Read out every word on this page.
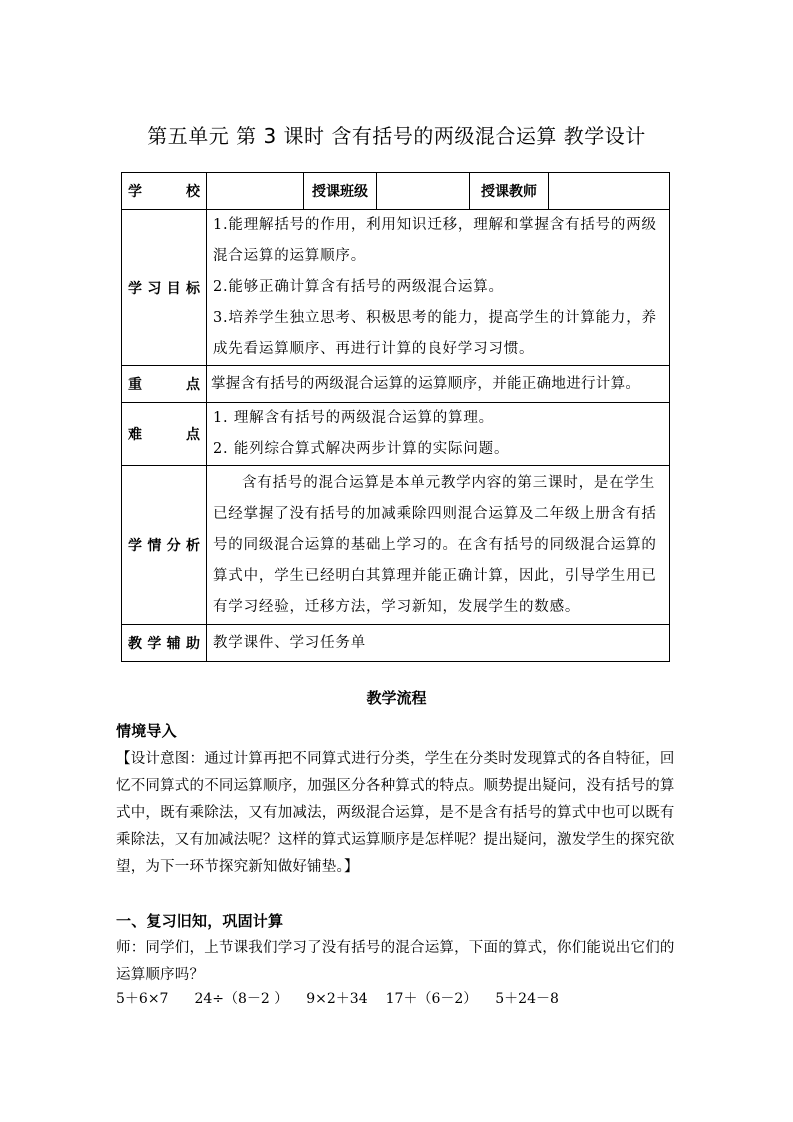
第五单元 第 3 课时 含有括号的两级混合运算 教学设计
学 校		授课班级		授课教师	
学习目标	1.能理解括号的作用，利用知识迁移，理解和掌握含有括号的两级混合运算的运算顺序。

2.能够正确计算含有括号的两级混合运算。

3.培养学生独立思考、积极思考的能力，提高学生的计算能力，养成先看运算顺序、再进行计算的良好学习习惯。				

重 点	掌握含有括号的两级混合运算的运算顺序，并能正确地进行计算。				
难 点	1. 理解含有括号的两级混合运算的算理。

2. 能列综合算式解决两步计算的实际问题。				

学情分析	含有括号的混合运算是本单元教学内容的第三课时，是在学生已经掌握了没有括号的加减乘除四则混合运算及二年级上册含有括号的同级混合运算的基础上学习的。在含有括号的同级混合运算的算式中，学生已经明白其算理并能正确计算，因此，引导学生用已有学习经验，迁移方法，学习新知，发展学生的数感。				

教学辅助	教学课件、学习任务单				
教学流程
情境导入
【设计意图：通过计算再把不同算式进行分类，学生在分类时发现算式的各自特征，回忆不同算式的不同运算顺序，加强区分各种算式的特点。顺势提出疑问，没有括号的算式中，既有乘除法，又有加减法，两级混合运算，是不是含有括号的算式中也可以既有乘除法，又有加减法呢？这样的算式运算顺序是怎样呢？提出疑问，激发学生的探究欲望，为下一环节探究新知做好铺垫。】
一、复习旧知，巩固计算
师：同学们，上节课我们学习了没有括号的混合运算，下面的算式，你们能说出它们的运算顺序吗？
5＋6×7 24÷（8－2 ） 9×2＋34 17＋（6－2） 5＋24－8
